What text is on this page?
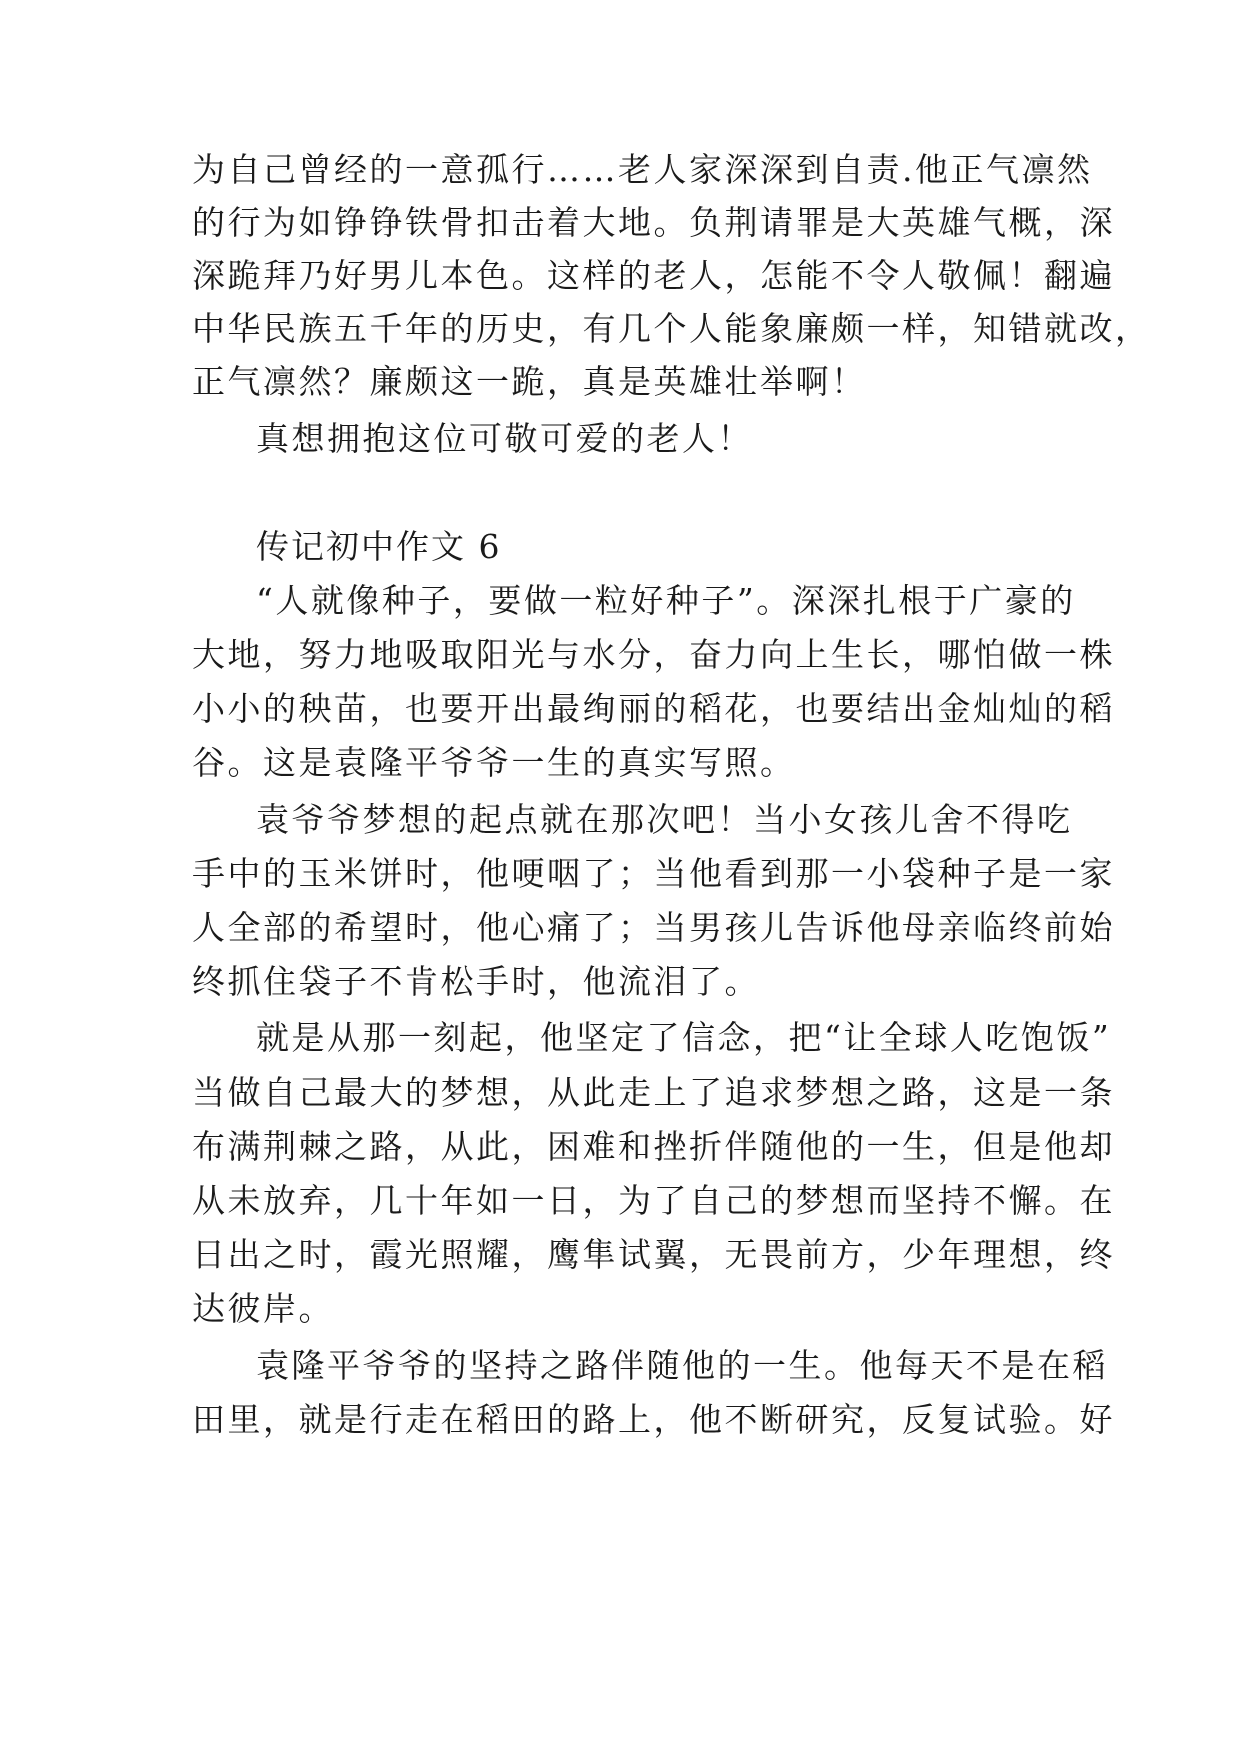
为自己曾经的一意孤行……老人家深深到自责.他正气凛然
的行为如铮铮铁骨扣击着大地。负荆请罪是大英雄气概，深
深跪拜乃好男儿本色。这样的老人，怎能不令人敬佩！翻遍
中华民族五千年的历史，有几个人能象廉颇一样，知错就改，
正气凛然？廉颇这一跪，真是英雄壮举啊！
真想拥抱这位可敬可爱的老人！
传记初中作文 6
“人就像种子，要做一粒好种子”。深深扎根于广豪的
大地，努力地吸取阳光与水分，奋力向上生长，哪怕做一株
小小的秧苗，也要开出最绚丽的稻花，也要结出金灿灿的稻
谷。这是袁隆平爷爷一生的真实写照。
袁爷爷梦想的起点就在那次吧！当小女孩儿舍不得吃
手中的玉米饼时，他哽咽了；当他看到那一小袋种子是一家
人全部的希望时，他心痛了；当男孩儿告诉他母亲临终前始
终抓住袋子不肯松手时，他流泪了。
就是从那一刻起，他坚定了信念，把“让全球人吃饱饭”
当做自己最大的梦想，从此走上了追求梦想之路，这是一条
布满荆棘之路，从此，困难和挫折伴随他的一生，但是他却
从未放弃，几十年如一日，为了自己的梦想而坚持不懈。在
日出之时，霞光照耀，鹰隼试翼，无畏前方，少年理想，终
达彼岸。
袁隆平爷爷的坚持之路伴随他的一生。他每天不是在稻
田里，就是行走在稻田的路上，他不断研究，反复试验。好
